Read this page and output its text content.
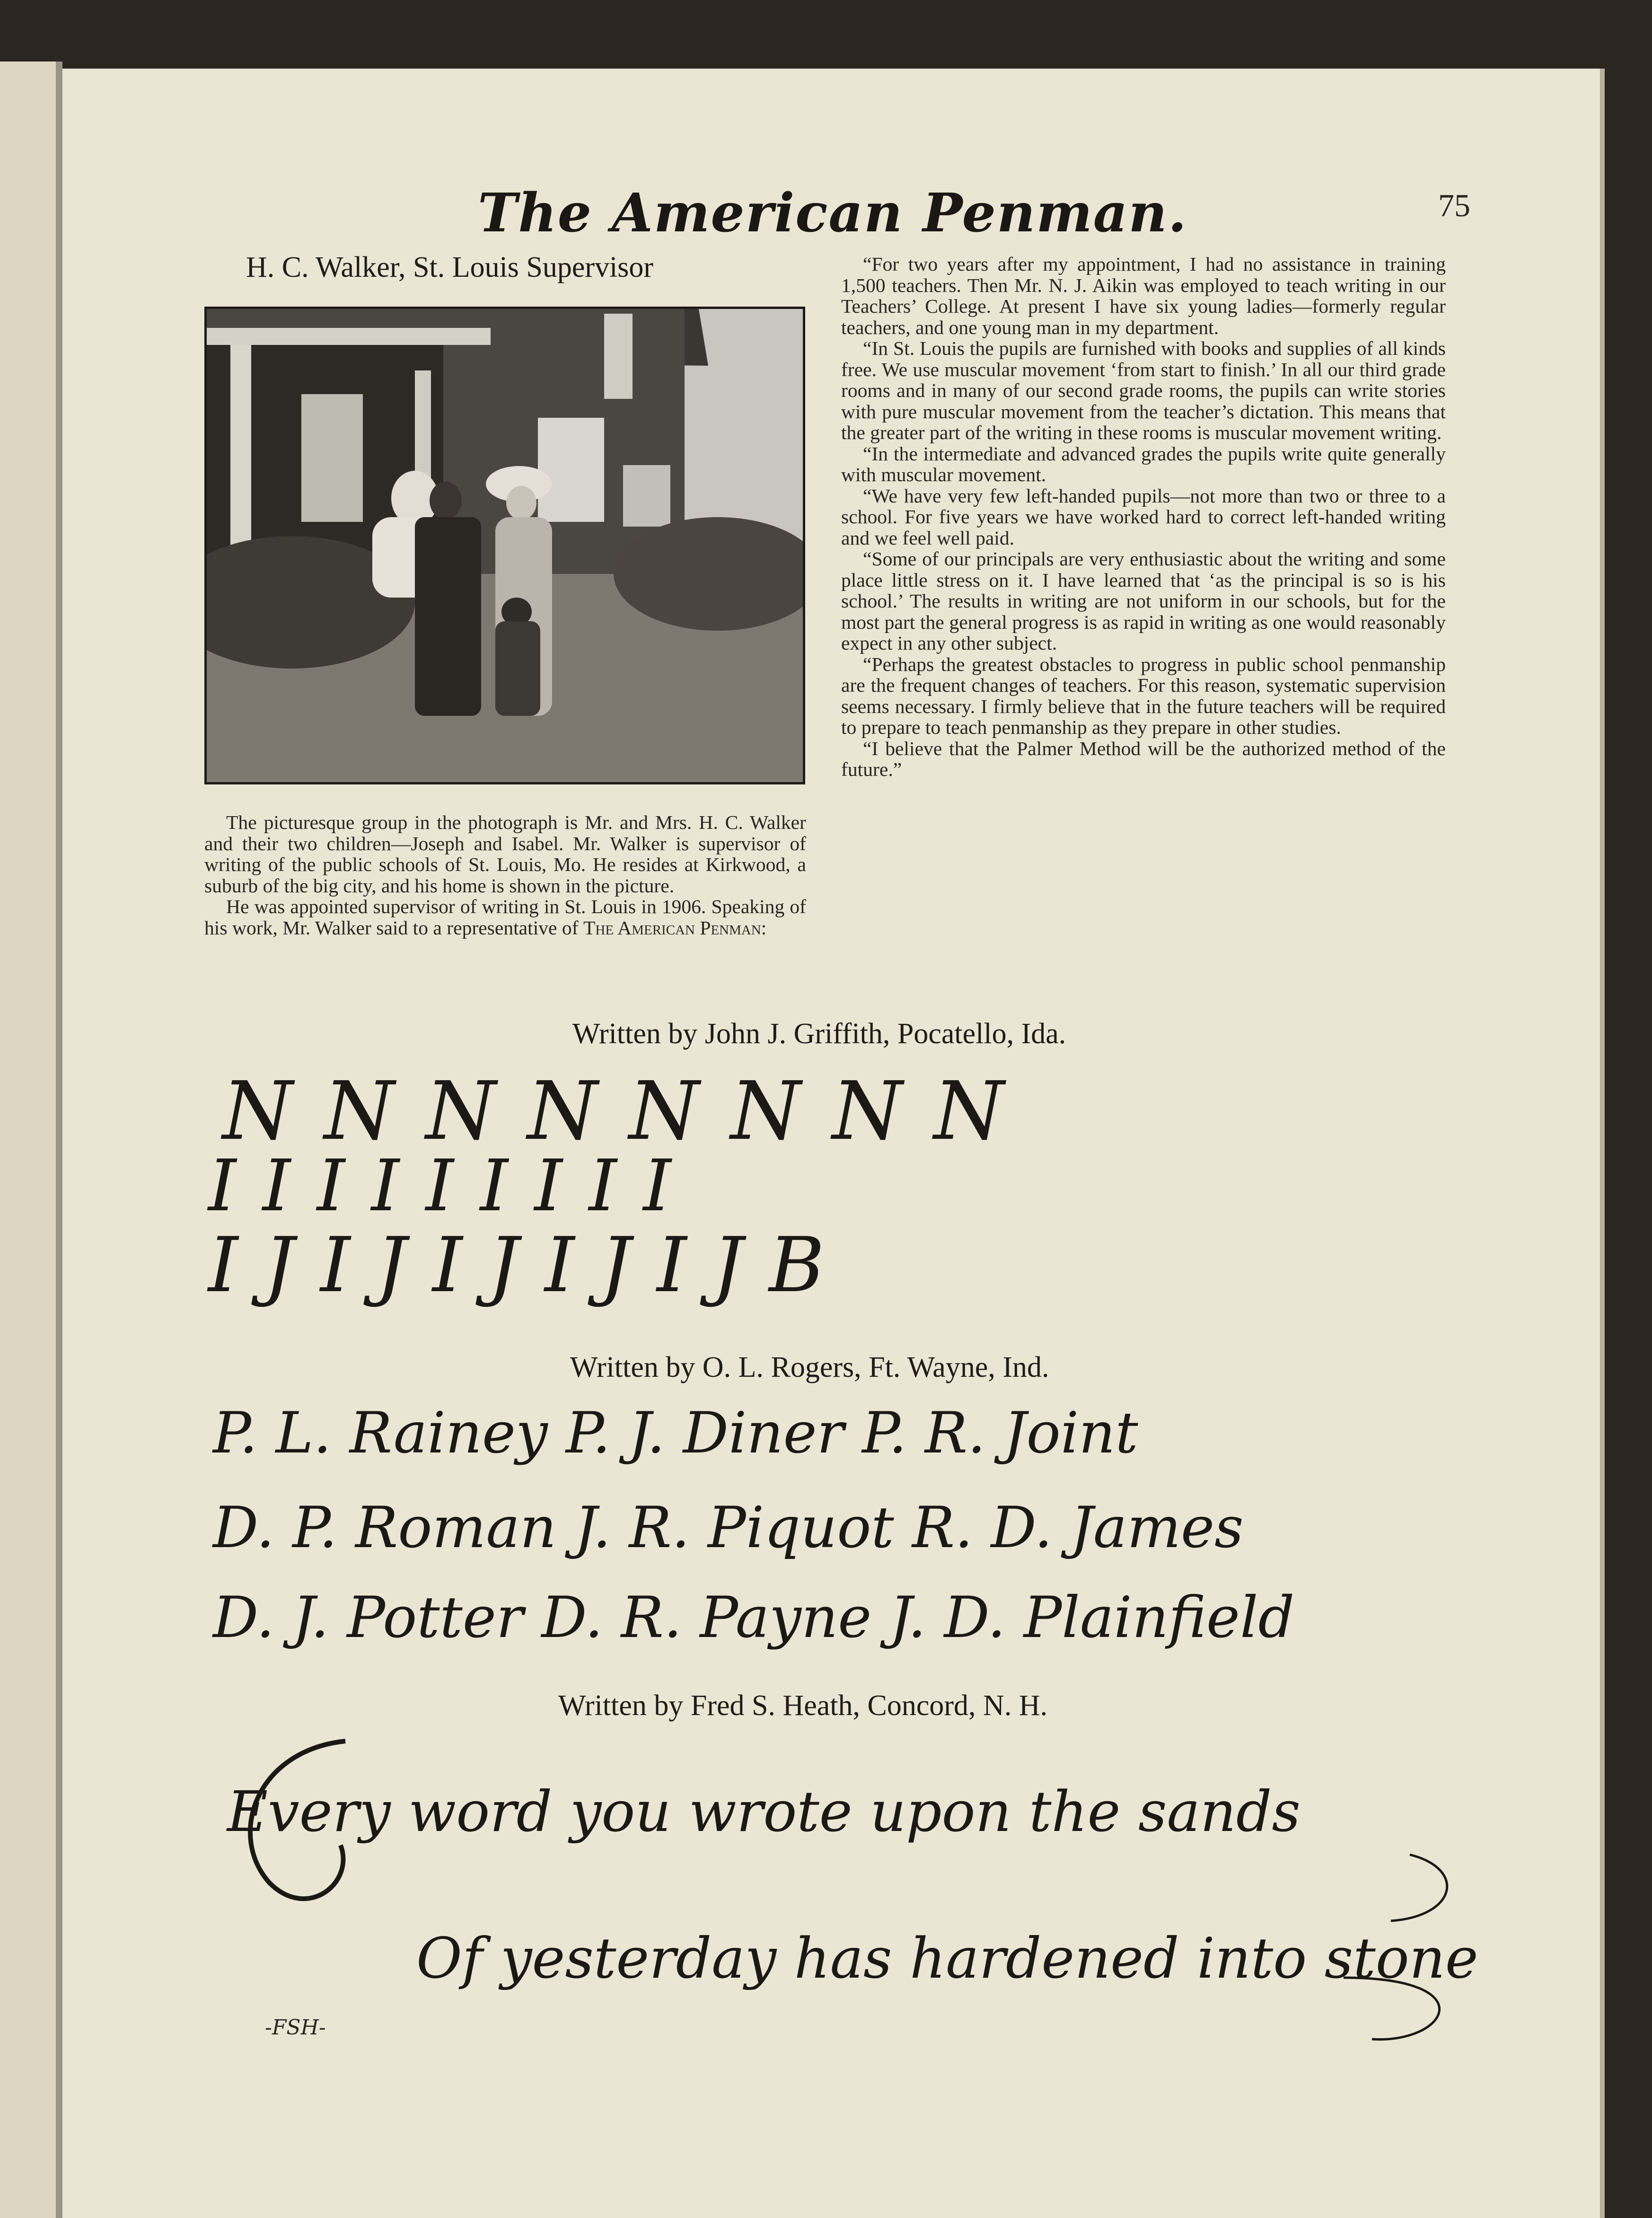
The American Penman.	75
H. C. Walker, St. Louis Supervisor

The picturesque group in the photograph is Mr. and Mrs. H. C. Walker and their two children—Joseph and Isabel. Mr. Walker is supervisor of writing of the public schools of St. Louis, Mo. He resides at Kirkwood, a suburb of the big city, and his home is shown in the picture.

He was appointed supervisor of writing in St. Louis in 1906. Speaking of his work, Mr. Walker said to a representative of The American Penman:

“For two years after my appointment, I had no assistance in training 1,500 teachers. Then Mr. N. J. Aikin was employed to teach writing in our Teachers’ College. At present I have six young ladies—formerly regular teachers, and one young man in my department.

“In St. Louis the pupils are furnished with books and supplies of all kinds free. We use muscular movement ‘from start to finish.’ In all our third grade rooms and in many of our second grade rooms, the pupils can write stories with pure muscular movement from the teacher’s dictation. This means that the greater part of the writing in these rooms is muscular movement writing.

“In the intermediate and advanced grades the pupils write quite generally with muscular movement.

“We have very few left-handed pupils—not more than two or three to a school. For five years we have worked hard to correct left-handed writing and we feel well paid.

“Some of our principals are very enthusiastic about the writing and some place little stress on it. I have learned that ‘as the principal is so is his school.’ The results in writing are not uniform in our schools, but for the most part the general progress is as rapid in writing as one would reasonably expect in any other subject.

“Perhaps the greatest obstacles to progress in public school penmanship are the frequent changes of teachers. For this reason, systematic supervision seems necessary. I firmly believe that in the future teachers will be required to prepare to teach penmanship as they prepare in other studies.

“I believe that the Palmer Method will be the authorized method of the future.”

Written by John J. Griffith, Pocatello, Ida.
N N N N N N N N
I I I I I I I I I
I J I J I J I J I J B
Written by O. L. Rogers, Ft. Wayne, Ind.
P. L. Rainey P. J. Diner P. R. Joint
D. P. Roman J. R. Piquot R. D. James
D. J. Potter D. R. Payne J. D. Plainfield
Written by Fred S. Heath, Concord, N. H.
Every word you wrote upon the sands
Of yesterday has hardened into stone
-FSH-
